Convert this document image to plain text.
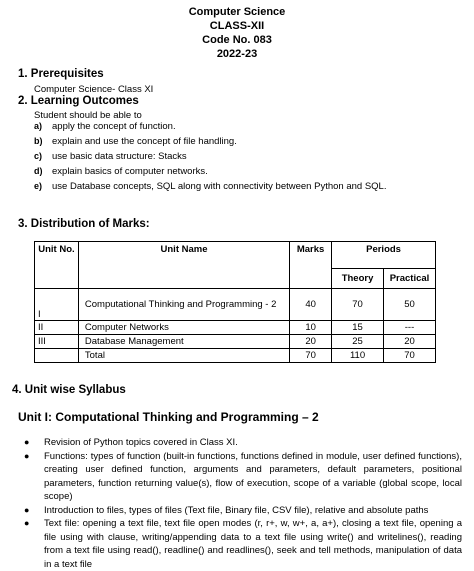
Computer Science
CLASS-XII
Code No. 083
2022-23
1. Prerequisites
Computer Science- Class XI
2. Learning Outcomes
Student should be able to
a)	apply the concept of function.
b)	explain and use the concept of file handling.
c)	use basic data structure: Stacks
d)	explain basics of computer networks.
e)	use Database concepts, SQL along with connectivity between Python and SQL.
3. Distribution of Marks:
Unit No.	Unit Name	Marks	Periods	
			Theory	Practical
I	Computational Thinking and Programming - 2	40	70	50
II	Computer Networks	10	15	---
III	Database Management	20	25	20
	Total	70	110	70
4. Unit wise Syllabus
Unit I: Computational Thinking and Programming – 2
●	Revision of Python topics covered in Class XI.
●	Functions: types of function (built-in functions, functions defined in module, user defined functions), creating user defined function, arguments and parameters, default parameters, positional parameters, function returning value(s), flow of execution, scope of a variable (global scope, local scope)
●	Introduction to files, types of files (Text file, Binary file, CSV file), relative and absolute paths
●	Text file: opening a text file, text file open modes (r, r+, w, w+, a, a+), closing a text file, opening a file using with clause, writing/appending data to a text file using write() and writelines(), reading from a text file using read(), readline() and readlines(), seek and tell methods, manipulation of data in a text file
